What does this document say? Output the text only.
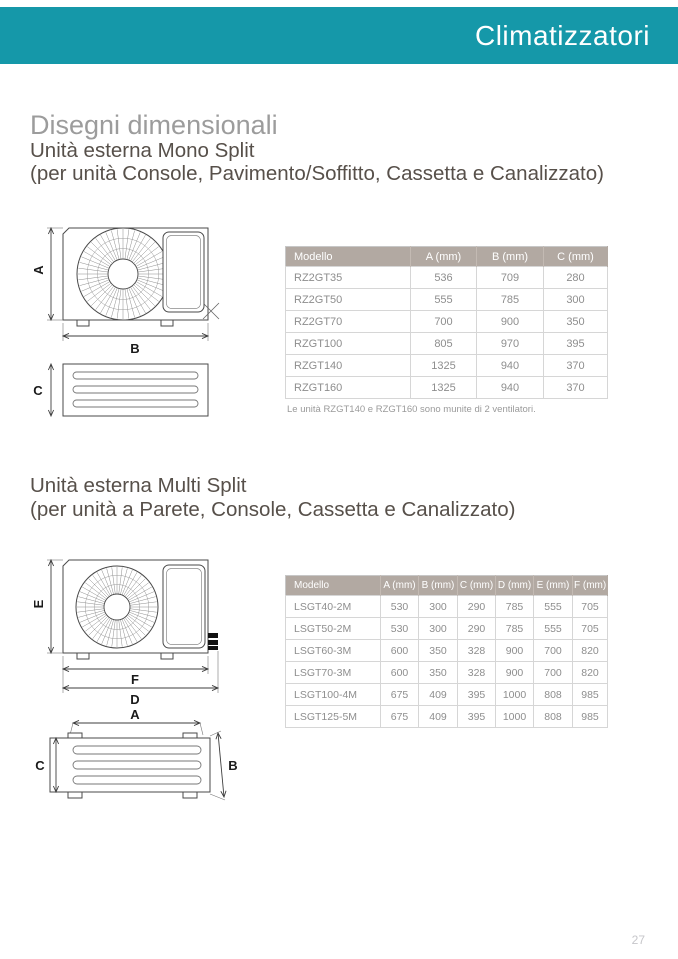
Climatizzatori
Disegni dimensionali
Unità esterna Mono Split
(per unità Console, Pavimento/Soffitto, Cassetta e Canalizzato)
A
B
C
Modello	A (mm)	B (mm)	C (mm)
RZ2GT35	536	709	280
RZ2GT50	555	785	300
RZ2GT70	700	900	350
RZGT100	805	970	395
RZGT140	1325	940	370
RZGT160	1325	940	370
Le unità RZGT140 e RZGT160 sono munite di 2 ventilatori.
Unità esterna Multi Split
(per unità a Parete, Console, Cassetta e Canalizzato)
E
F
D
A
C	B
Modello	A (mm)	B (mm)	C (mm)	D (mm)	E (mm)	F (mm)
LSGT40-2M	530	300	290	785	555	705
LSGT50-2M	530	300	290	785	555	705
LSGT60-3M	600	350	328	900	700	820
LSGT70-3M	600	350	328	900	700	820
LSGT100-4M	675	409	395	1000	808	985
LSGT125-5M	675	409	395	1000	808	985
27
